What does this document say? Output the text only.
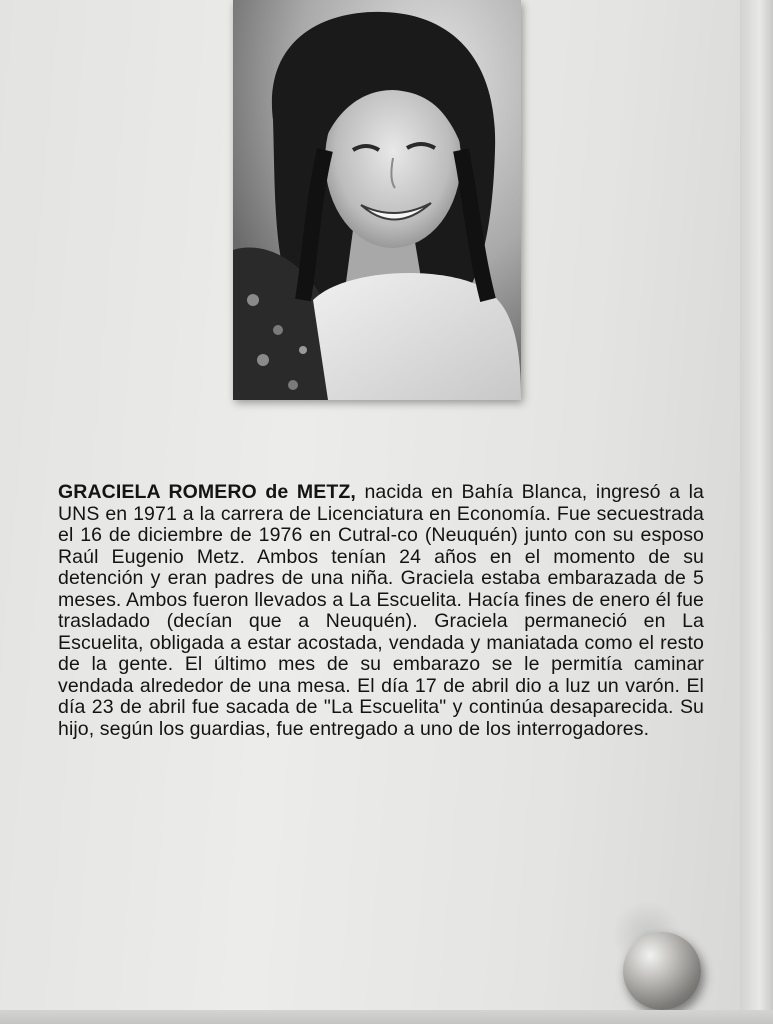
GRACIELA ROMERO de METZ, nacida en Bahía Blanca, ingresó a la UNS en 1971 a la carrera de Licenciatura en Economía. Fue secuestrada el 16 de diciembre de 1976 en Cutral-co (Neuquén) junto con su esposo Raúl Eugenio Metz. Ambos tenían 24 años en el momento de su detención y eran padres de una niña. Graciela estaba embarazada de 5 meses. Ambos fueron llevados a La Escuelita. Hacía fines de enero él fue trasladado (decían que a Neuquén). Graciela permaneció en La Escuelita, obligada a estar acostada, vendada y maniatada como el resto de la gente. El último mes de su embarazo se le permitía caminar vendada alrededor de una mesa. El día 17 de abril dio a luz un varón. El día 23 de abril fue sacada de "La Escuelita" y continúa desaparecida. Su hijo, según los guardias, fue entregado a uno de los interrogadores.
